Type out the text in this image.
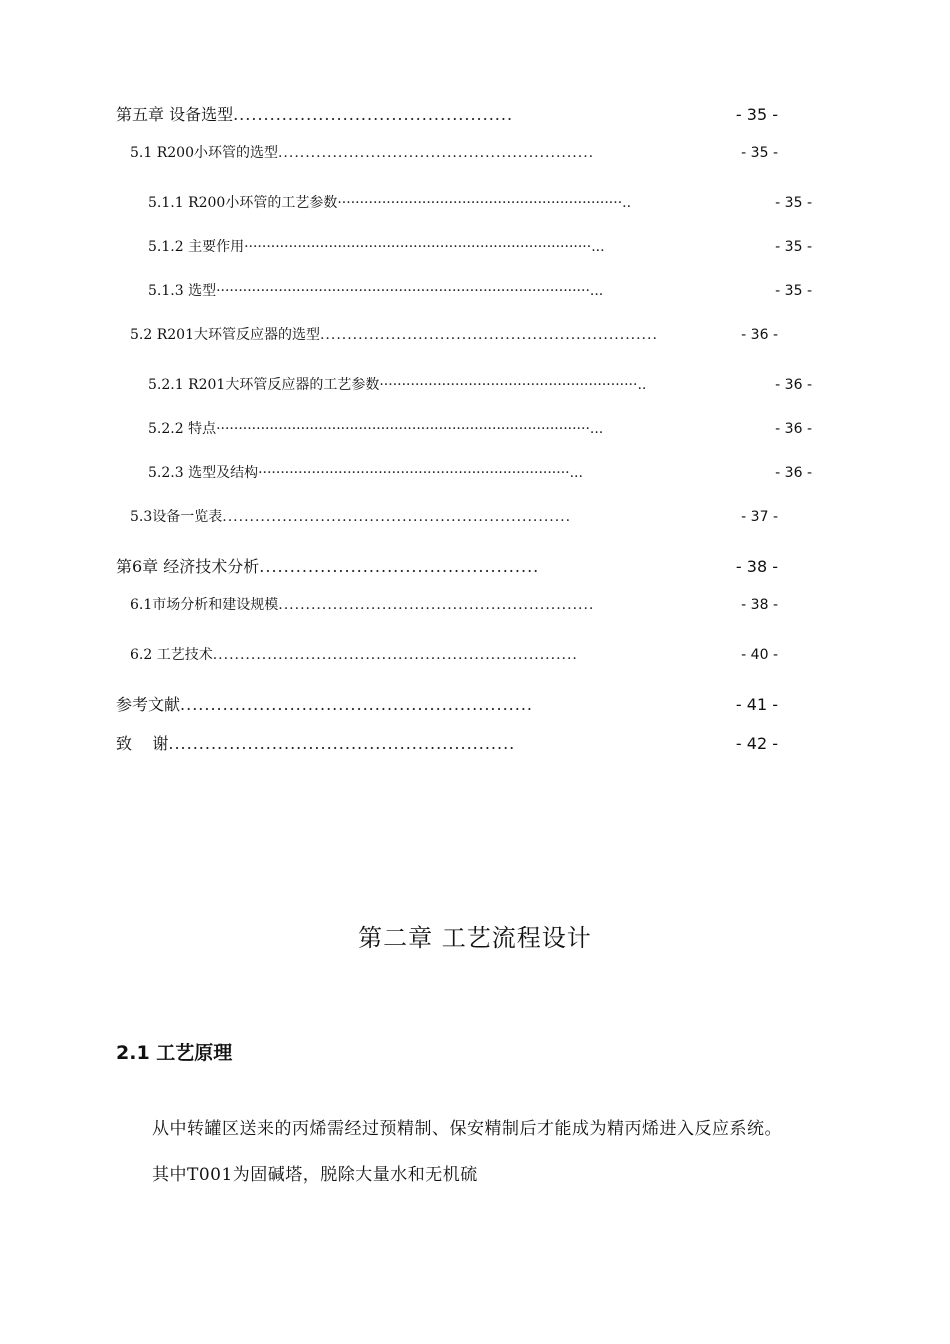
第五章 设备选型 ..............................................	- 35 -
5.1 R200小环管的选型 ..........................................................	- 35 -
5.1.1 R200小环管的工艺参数 ································································..	- 35 -
5.1.2 主要作用 ··············································································...	- 35 -
5.1.3 选型 ····················································································...	- 35 -
5.2 R201大环管反应器的选型 ..............................................................	- 36 -
5.2.1 R201大环管反应器的工艺参数 ··························································..	- 36 -
5.2.2 特点 ····················································································...	- 36 -
5.2.3 选型及结构 ······································································...	- 36 -
5.3设备一览表 ................................................................	- 37 -
第6章 经济技术分析 ..............................................	- 38 -
6.1市场分析和建设规模 ..........................................................	- 38 -
6.2 工艺技术 ...................................................................	- 40 -
参考文献 ..........................................................	- 41 -
致    谢 .........................................................	- 42 -
第二章 工艺流程设计
2.1 工艺原理
从中转罐区送来的丙烯需经过预精制、保安精制后才能成为精丙烯进入反应系统。
其中T001为固碱塔，脱除大量水和无机硫
